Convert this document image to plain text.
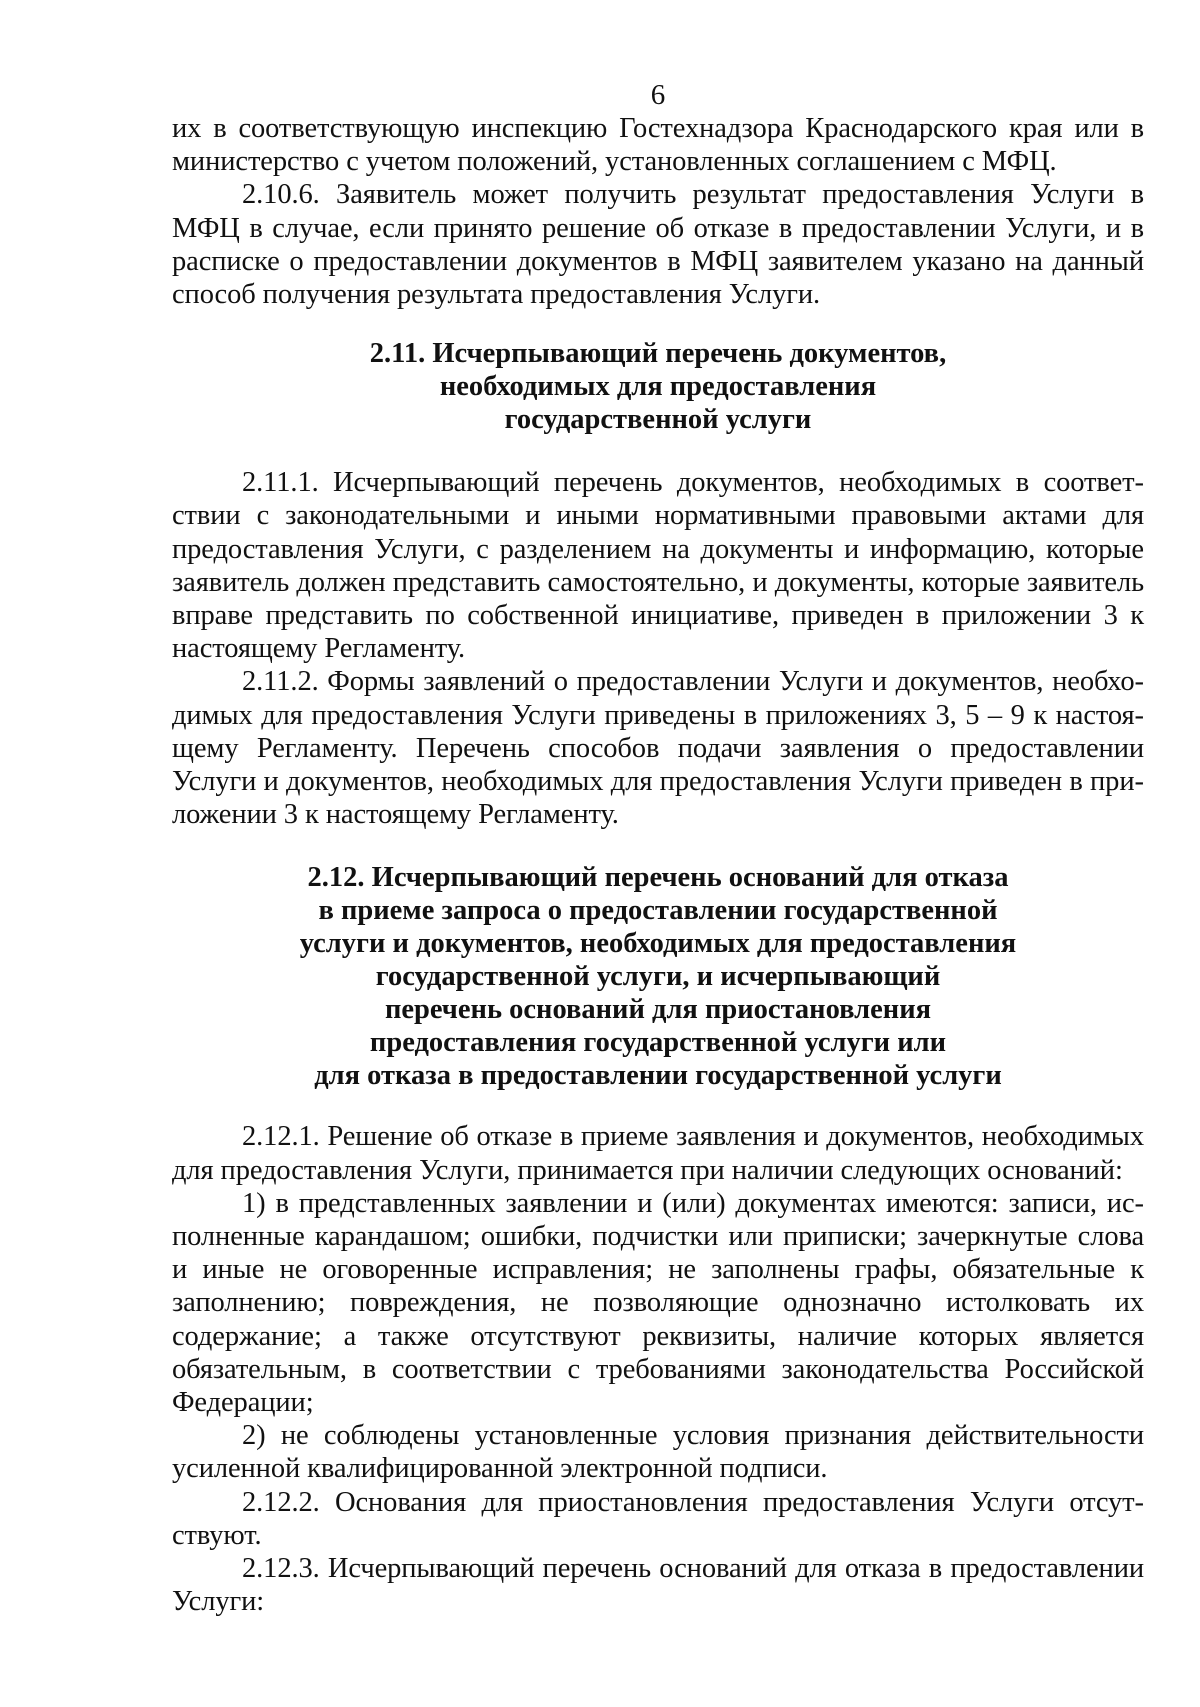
6

их в соответствующую инспекцию Гостехнадзора Краснодарского края или в министерство с учетом положений, установленных соглашением с МФЦ.

2.10.6. Заявитель может получить результат предоставления Услуги в МФЦ в случае, если принято решение об отказе в предоставлении Услуги, и в расписке о предоставлении документов в МФЦ заявителем указано на данный способ получения результата предоставления Услуги.

2.11. Исчерпывающий перечень документов,
необходимых для предоставления
государственной услуги

2.11.1. Исчерпывающий перечень документов, необходимых в соответствии с законодательными и иными нормативными правовыми актами для предоставления Услуги, с разделением на документы и информацию, которые заявитель должен представить самостоятельно, и документы, которые заявитель вправе представить по собственной инициативе, приведен в приложении 3 к настоящему Регламенту.

2.11.2. Формы заявлений о предоставлении Услуги и документов, необходимых для предоставления Услуги приведены в приложениях 3, 5 – 9 к настоящему Регламенту. Перечень способов подачи заявления о предоставлении Услуги и документов, необходимых для предоставления Услуги приведен в приложении 3 к настоящему Регламенту.

2.12. Исчерпывающий перечень оснований для отказа
в приеме запроса о предоставлении государственной
услуги и документов, необходимых для предоставления
государственной услуги, и исчерпывающий
перечень оснований для приостановления
предоставления государственной услуги или
для отказа в предоставлении государственной услуги

2.12.1. Решение об отказе в приеме заявления и документов, необходимых для предоставления Услуги, принимается при наличии следующих оснований:

1) в представленных заявлении и (или) документах имеются: записи, исполненные карандашом; ошибки, подчистки или приписки; зачеркнутые слова и иные не оговоренные исправления; не заполнены графы, обязательные к заполнению; повреждения, не позволяющие однозначно истолковать их содержание; а также отсутствуют реквизиты, наличие которых является обязательным, в соответствии с требованиями законодательства Российской Федерации;

2) не соблюдены установленные условия признания действительности усиленной квалифицированной электронной подписи.

2.12.2. Основания для приостановления предоставления Услуги отсутствуют.

2.12.3. Исчерпывающий перечень оснований для отказа в предоставлении Услуги:
